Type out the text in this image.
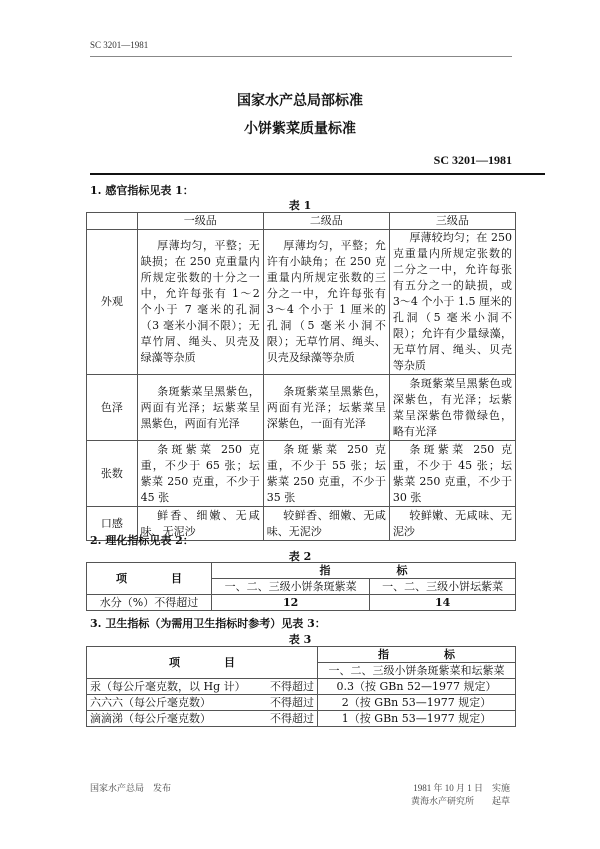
SC 3201—1981
国家水产总局部标准
小饼紫菜质量标准
SC 3201—1981
1. 感官指标见表 1：
表 1
	一级品	二级品	三级品
外观	厚薄均匀，平整；无缺损；在 250 克重量内所规定张数的十分之一中，允许每张有 1～2 个小于 7 毫米的孔洞（3 毫米小洞不限）；无草竹屑、绳头、贝壳及绿藻等杂质	厚薄均匀，平整；允许有小缺角；在 250 克重量内所规定张数的三分之一中，允许每张有 3～4 个小于 1 厘米的孔洞（5 毫米小洞不限）；无草竹屑、绳头、贝壳及绿藻等杂质	厚薄较均匀；在 250 克重量内所规定张数的二分之一中，允许每张有五分之一的缺损，或 3～4 个小于 1.5 厘米的孔洞（5 毫米小洞不限）；允许有少量绿藻，无草竹屑、绳头、贝壳等杂质
色泽	条斑紫菜呈黑紫色，两面有光泽；坛紫菜呈黑紫色，两面有光泽	条斑紫菜呈黑紫色，两面有光泽；坛紫菜呈深紫色，一面有光泽	条斑紫菜呈黑紫色或深紫色，有光泽；坛紫菜呈深紫色带微绿色，略有光泽
张数	条斑紫菜 250 克重，不少于 65 张；坛紫菜 250 克重，不少于 45 张	条斑紫菜 250 克重，不少于 55 张；坛紫菜 250 克重，不少于 35 张	条斑紫菜 250 克重，不少于 45 张；坛紫菜 250 克重，不少于 30 张
口感	鲜香、细嫩、无咸味、无泥沙	较鲜香、细嫩、无咸味、无泥沙	较鲜嫩、无咸味、无泥沙
2. 理化指标见表 2：
表 2
项　　　　目	指　　　　　　标	
	一、二、三级小饼条斑紫菜	一、二、三级小饼坛紫菜
水分（%）不得超过	12	14
3. 卫生指标（为需用卫生指标时参考）见表 3：
表 3
项　　　　目	指　　　　　标
	一、二、三级小饼条斑紫菜和坛紫菜

汞（每公斤毫克数，以 Hg 计） 不得超过	0.3（按 GBn 52—1977 规定）

六六六（每公斤毫克数） 不得超过	2（按 GBn 53—1977 规定）

滴滴涕（每公斤毫克数） 不得超过	1（按 GBn 53—1977 规定）
国家水产总局　发布	1981 年 10 月 1 日　实施
黄海水产研究所　　起草
